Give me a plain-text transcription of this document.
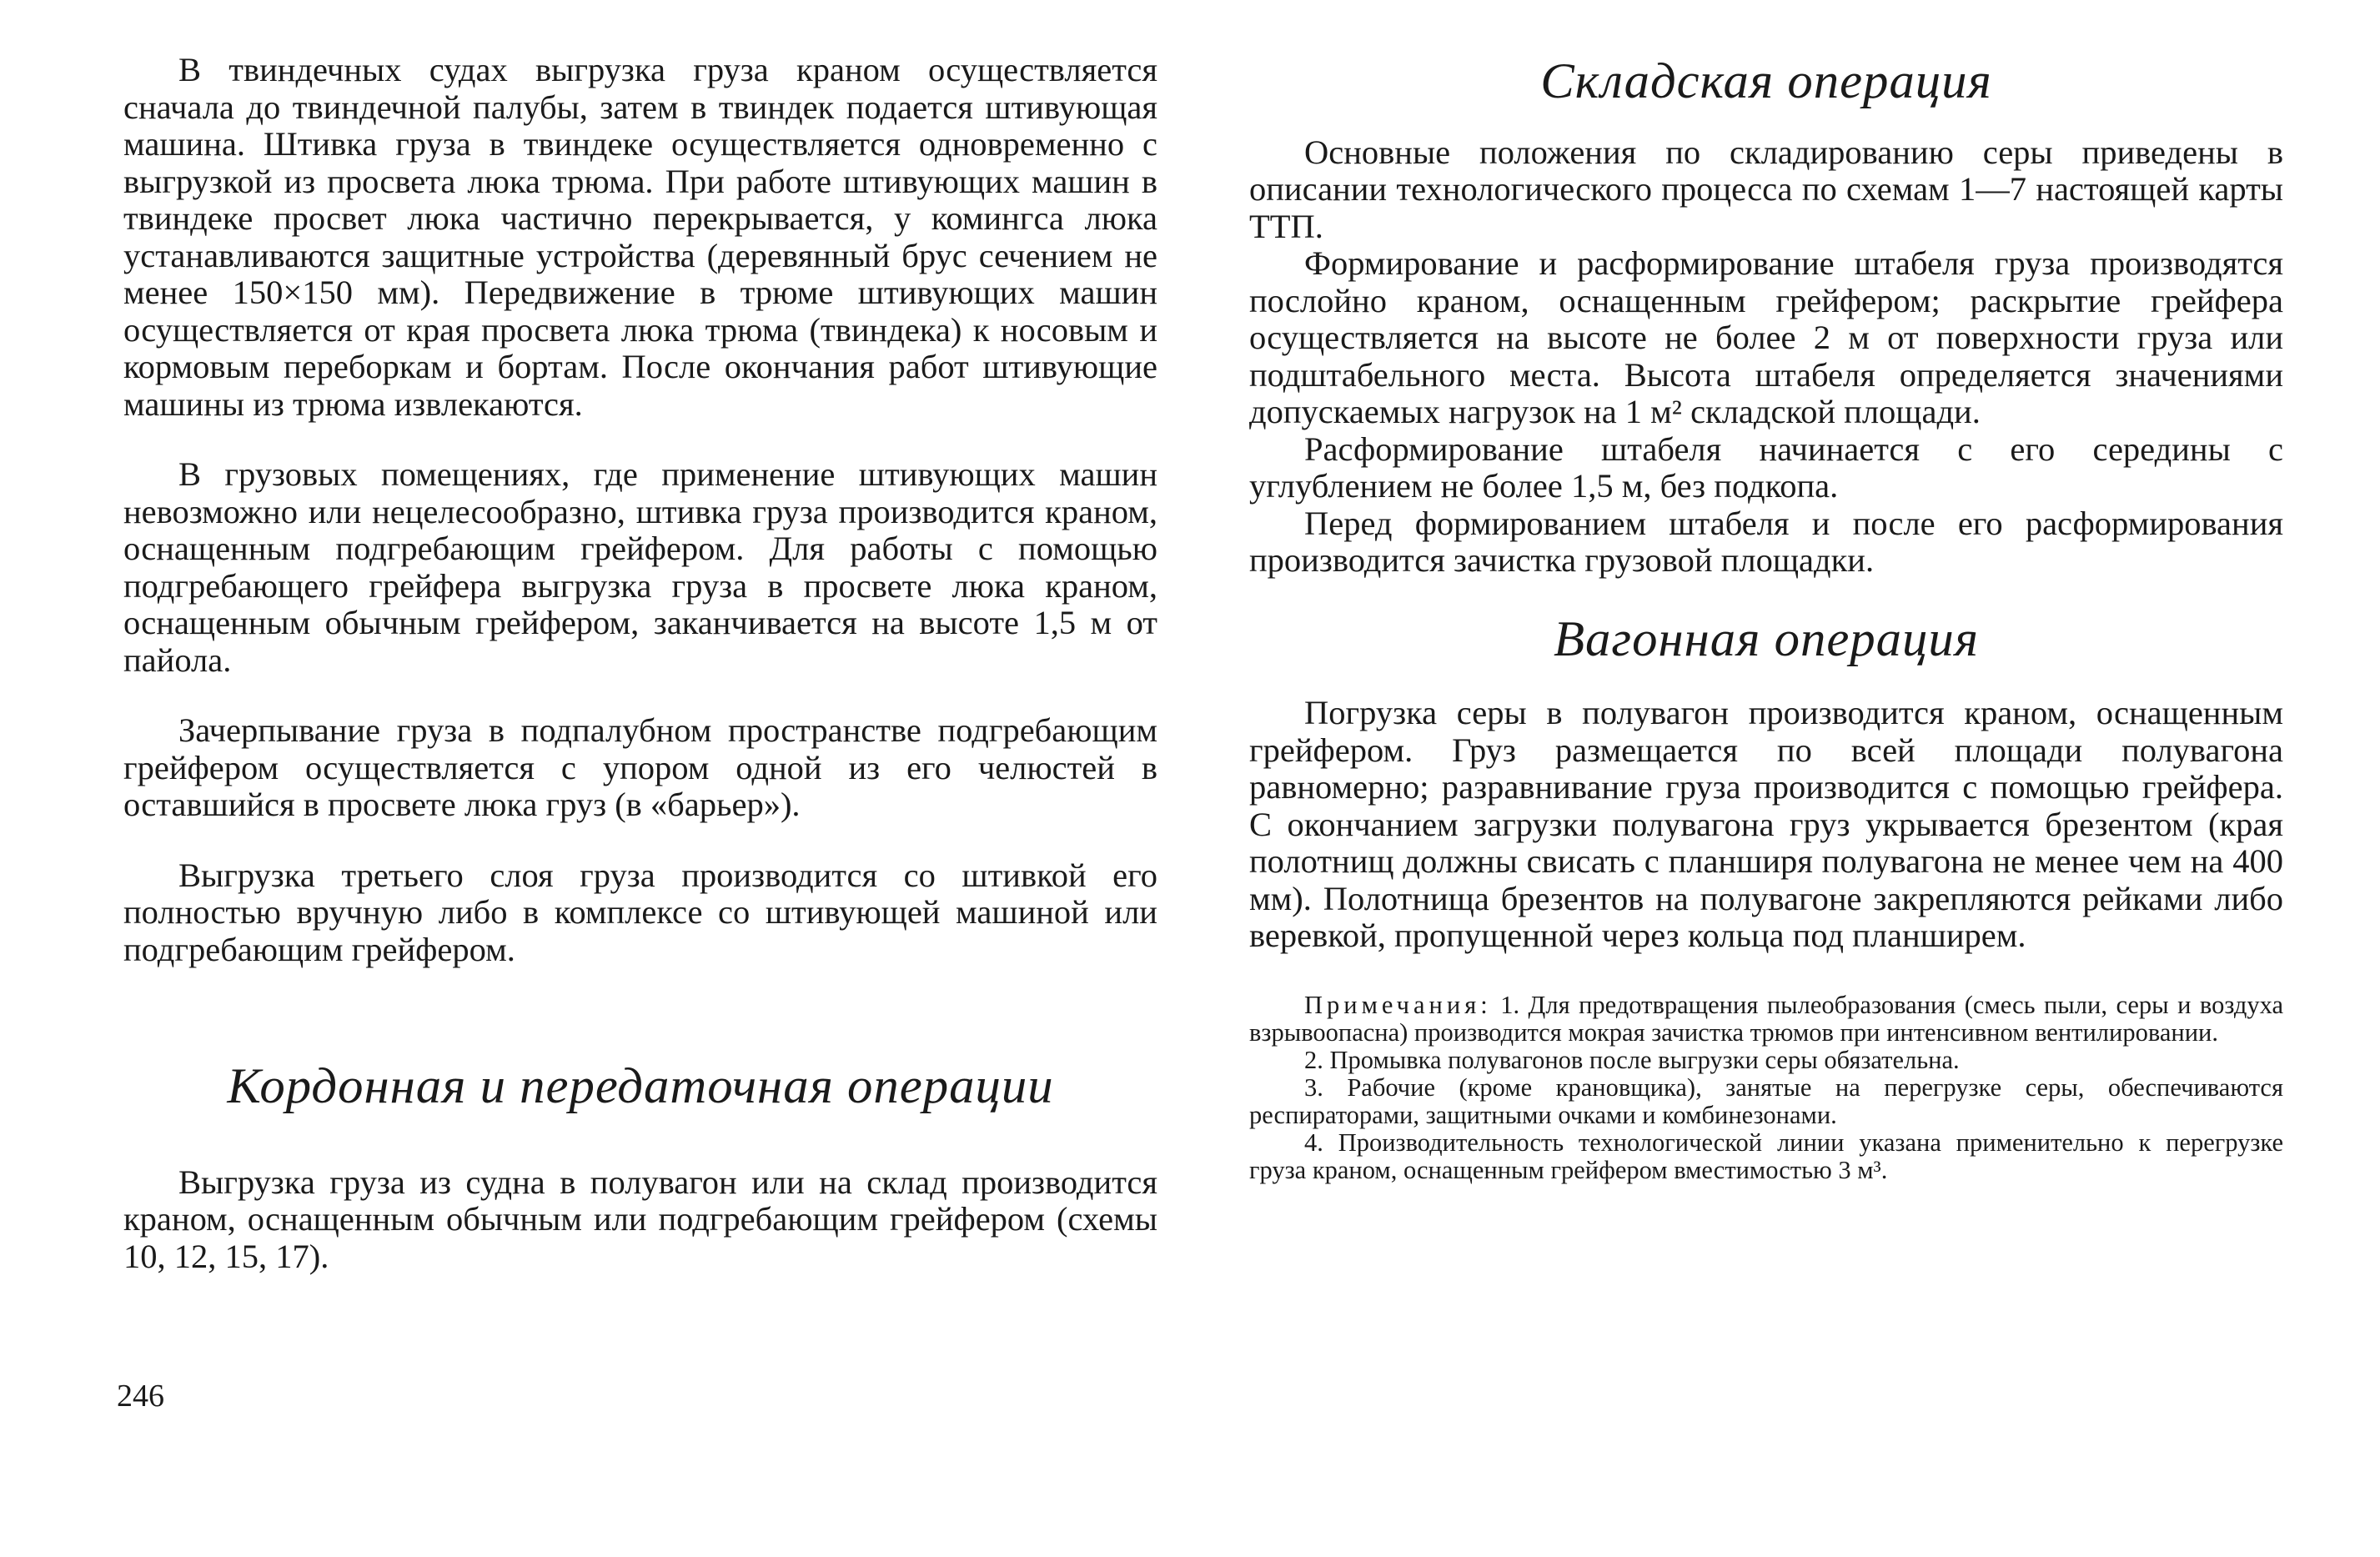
В твиндечных судах выгрузка груза краном осуществляется сначала до твиндечной палубы, затем в твиндек подается штивующая машина. Штивка груза в твиндеке осуществляется одновременно с выгрузкой из просвета люка трюма. При работе штивующих машин в твиндеке просвет люка частично перекрывается, у комингса люка устанавливаются защитные устройства (деревянный брус сечением не менее 150×150 мм). Передвижение в трюме штивующих машин осуществляется от края просвета люка трюма (твиндека) к носовым и кормовым переборкам и бортам. После окончания работ штивующие машины из трюма извлекаются.

В грузовых помещениях, где применение штивующих машин невозможно или нецелесообразно, штивка груза производится краном, оснащенным подгребающим грейфером. Для работы с помощью подгребающего грейфера выгрузка груза в просвете люка краном, оснащенным обычным грейфером, заканчивается на высоте 1,5 м от пайола.

Зачерпывание груза в подпалубном пространстве подгребающим грейфером осуществляется с упором одной из его челюстей в оставшийся в просвете люка груз (в «барьер»).

Выгрузка третьего слоя груза производится со штивкой его полностью вручную либо в комплексе со штивующей машиной или подгребающим грейфером.

Кордонная и передаточная операции

Выгрузка груза из судна в полувагон или на склад производится краном, оснащенным обычным или подгребающим грейфером (схемы 10, 12, 15, 17).

246
Складская операция

Основные положения по складированию серы приведены в описании технологического процесса по схемам 1—7 настоящей карты ТТП.

Формирование и расформирование штабеля груза производятся послойно краном, оснащенным грейфером; раскрытие грейфера осуществляется на высоте не более 2 м от поверхности груза или подштабельного места. Высота штабеля определяется значениями допускаемых нагрузок на 1 м² складской площади.

Расформирование штабеля начинается с его середины с углублением не более 1,5 м, без подкопа.

Перед формированием штабеля и после его расформирования производится зачистка грузовой площадки.

Вагонная операция

Погрузка серы в полувагон производится краном, оснащенным грейфером. Груз размещается по всей площади полувагона равномерно; разравнивание груза производится с помощью грейфера. С окончанием загрузки полувагона груз укрывается брезентом (края полотнищ должны свисать с планширя полувагона не менее чем на 400 мм). Полотнища брезентов на полувагоне закрепляются рейками либо веревкой, пропущенной через кольца под планширем.

Примечания: 1. Для предотвращения пылеобразования (смесь пыли, серы и воздуха взрывоопасна) производится мокрая зачистка трюмов при интенсивном вентилировании.

2. Промывка полувагонов после выгрузки серы обязательна.

3. Рабочие (кроме крановщика), занятые на перегрузке серы, обеспечиваются респираторами, защитными очками и комбинезонами.

4. Производительность технологической линии указана применительно к перегрузке груза краном, оснащенным грейфером вместимостью 3 м³.
